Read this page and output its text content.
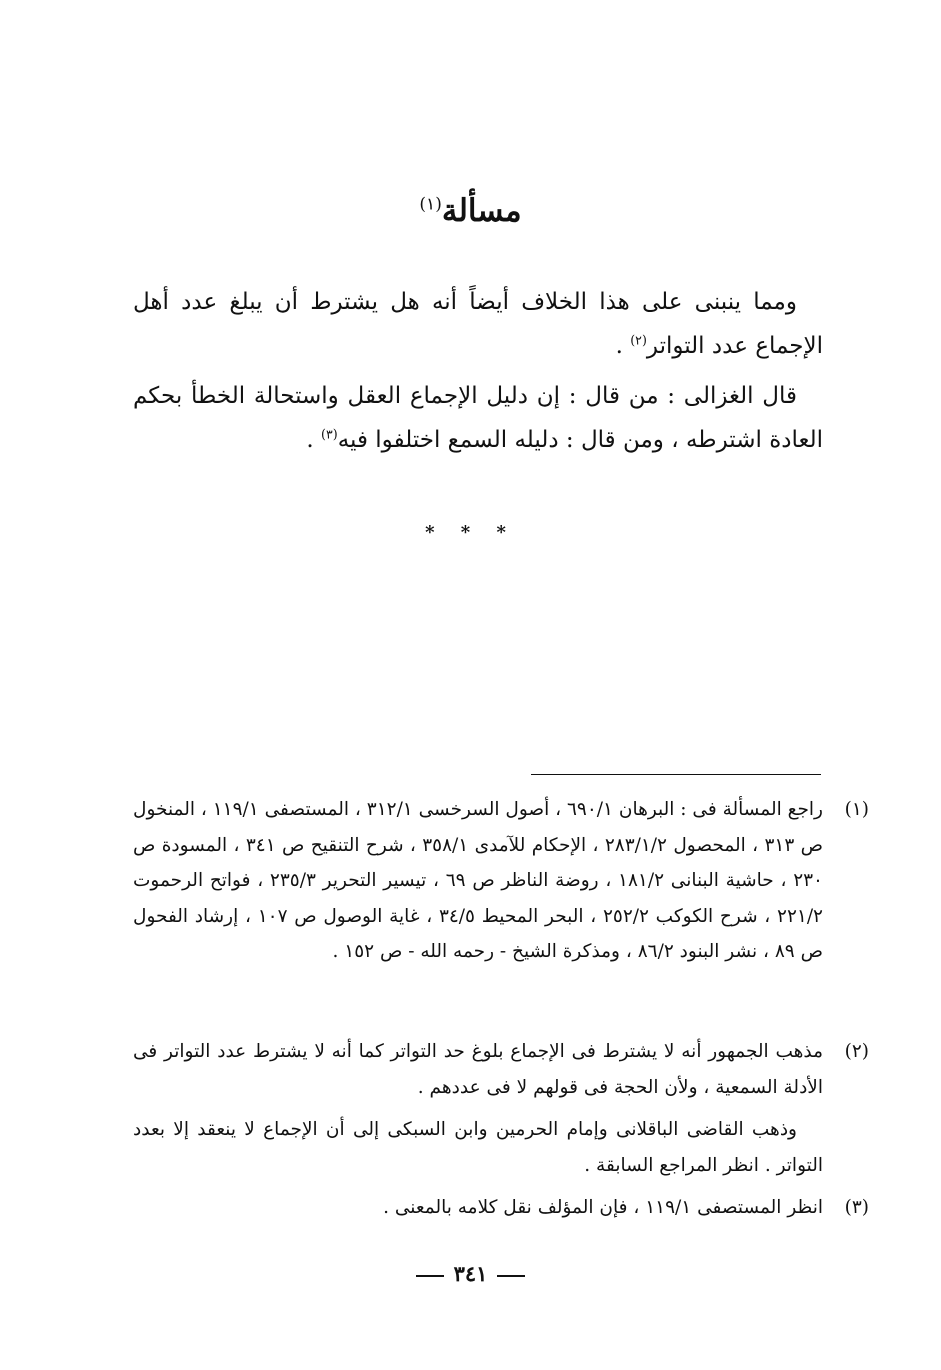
مسألة$^{(١)}$
ومما ينبنى على هذا الخلاف أيضاً أنه هل يشترط أن يبلغ عدد أهل الإجماع عدد التواتر$^{(٢)}$ .
قال الغزالى : من قال : إن دليل الإجماع العقل واستحالة الخطأ بحكم العادة اشترطه ، ومن قال : دليله السمع اختلفوا فيه$^{(٣)}$ .
* * *
(١)
راجع المسألة فى : البرهان ٦٩٠/١ ، أصول السرخسى ٣١٢/١ ، المستصفى ١١٩/١ ، المنخول ص ٣١٣ ، المحصول ٢٨٣/١/٢ ، الإحكام للآمدى ٣٥٨/١ ، شرح التنقيح ص ٣٤١ ، المسودة ص ٢٣٠ ، حاشية البنانى ١٨١/٢ ، روضة الناظر ص ٦٩ ، تيسير التحرير ٢٣٥/٣ ، فواتح الرحموت ٢٢١/٢ ، شرح الكوكب ٢٥٢/٢ ، البحر المحيط ٣٤/٥ ، غاية الوصول ص ١٠٧ ، إرشاد الفحول ص ٨٩ ، نشر البنود ٨٦/٢ ، ومذكرة الشيخ - رحمه الله - ص ١٥٢ .
(٢)
مذهب الجمهور أنه لا يشترط فى الإجماع بلوغ حد التواتر كما أنه لا يشترط عدد التواتر فى الأدلة السمعية ، ولأن الحجة فى قولهم لا فى عددهم .
وذهب القاضى الباقلانى وإمام الحرمين وابن السبكى إلى أن الإجماع لا ينعقد إلا بعدد التواتر . انظر المراجع السابقة .
(٣)
انظر المستصفى ١١٩/١ ، فإن المؤلف نقل كلامه بالمعنى .
٣٤١
